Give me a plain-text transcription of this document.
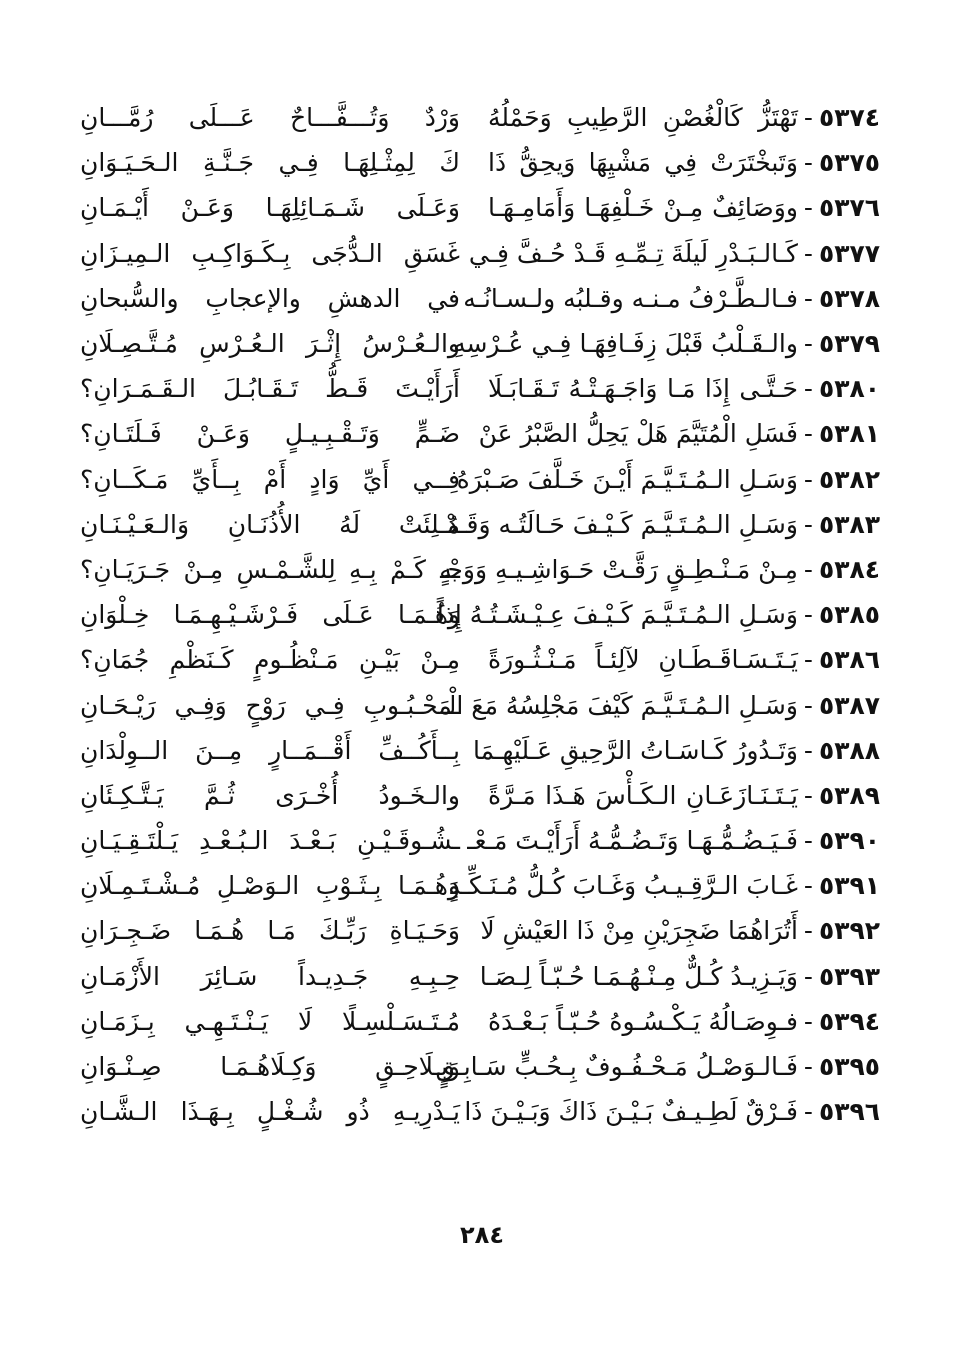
٥٣٧٤-تَهْتَزُّ كَالْغُصْنِ الرَّطِيبِ وَحَمْلُهُ
وَرْدٌ وَتُـــفَّـــاحٌ عَـــلَى رُمَّـــانِ
٥٣٧٥-وَتَبخْتَرَتْ فِي مَشْيِهَا وَيحِقُّ ذَا
كَ لِمِثْـلِهَـا فِـي جَـنَّـةِ الـحَـيَـوَانِ
٥٣٧٦-ووَصَائِفٌ مِـنْ خَـلْفِهَـا وَأَمَامِـهَـا
وَعَـلَى شَـمَـائِلِهَـا وَعَـنْ أَيْـمَـانِ
٥٣٧٧-كَـالـبَـدْرِ لَيلَةَ تِـمِّـهِ قَـدْ حُـفَّ فِـي
غَسَقِ الـدُّجَى بِـكَـوَاكِـبِ الـمِيـزَانِ
٥٣٧٨-فـالـطَّـرْفُ مـنـه وقـلبُه ولـسـانُـه
في الدهشِ والإعجابِ والسُّبحانِ
٥٣٧٩-والـقَـلْبُ قَبْلَ زِفَـافِهَـا فِـي عُـرْسِهِ
والـعُـرْسُ إِثْـرَ الـعُـرْسِ مُـتَّـصِـلَانِ
٥٣٨٠-حَـتَّـى إِذَا مَـا وَاجَـهَـتْـهُ تَـقَـابَـلَا
أَرَأَيْـتَ قَـطُّ تَـقَـابُـلَ الـقَـمَـرَانِ؟
٥٣٨١-فَسَلِ الْمُتَيَّمَ هَلْ يَحِلُّ الصَّبْرُ عَنْ
ضَـمٍّ وَتَـقْـبِـيـلٍ وَعَـنْ فَـلَتَـانِ؟
٥٣٨٢-وَسَـلِ الـمُـتَـيَّـمَ أَيْـنَ خَـلَّفَ صَـبْرَهُ
فِــي أَيِّ وَادٍ أَمْ بِــأَيِّ مَـكَــانِ؟
٥٣٨٣-وَسَـلِ الـمُـتَـيَّـمَ كَـيْـفَ حَـالَتُـه وَقَـدْ
مُـلِئَتْ لَهُ الأُذُنَـانِ وَالـعَـيْـنَـانِ
٥٣٨٤-مِـنْ مَـنْـطِـقٍ رَقَّـتْ حَـوَاشِـيـهِ وَوَجْـ
ـهٍ كَـمْ بِـهِ لِلشَّـمْـسِ مِـنْ جَـرَيَـانِ؟
٥٣٨٥-وَسَـلِ الـمُـتَـيَّـمَ كَـيْـفَ عِـيْـشَـتُـهُ إِذاً
وَهُـمَـا عَـلَى فَـرْشَـيْـهِـمَـا خِـلْوَانِ
٥٣٨٦-يَـتَـسَـاقَـطَـانِ لآلِئـاً مَـنْـثُـورَةً
مِـنْ بَيْـنِ مَـنْظُـومٍ كَـنَظْمِ جُمَانِ؟
٥٣٨٧-وَسَـلِ الـمُـتَـيَّـمَ كَيْفَ مَجْلِسُهُ مَعَ الْـ
ـمَحْـبُـوبِ فِـي رَوْحٍ وَفِـي رَيْـحَـانِ
٥٣٨٨-وَتَـدُورُ كَـاسَـاتُ الرَّحِيقِ عَـلَيْهِـمَا
بِــأَكُــفِّ أَقْــمَــارٍ مِــنَ الــوِلْدَانِ
٥٣٨٩-يَـتَـنَـازَعَـانِ الـكَـأْسَ هَـذَا مَـرَّةً
والـخَـودُ أُخْـرَى ثُـمَّ يَـتَّـكِـئَانِ
٥٣٩٠-فَـيَـضُـمُّـهَـا وَتَـضُـمُّـهُ أَرَأَيْـتَ مَـعْـ
ـشُـوقَـيْـنِ بَـعْـدَ الـبُـعْـدِ يَـلْتَـقِـيَـانِ
٥٣٩١-غَـابَ الـرَّقِـيـبُ وَغَـابَ كُـلُّ مُـنَـكِّـدٍ
وَهُـمَـا بِـثَـوْبِ الـوَصْـلِ مُـشْـتَـمِـلَانِ
٥٣٩٢-أَتُرَاهُمَا ضَجِرَيْنِ مِنْ ذَا العَيْشِ لَا
وَحَـيَـاةِ رَبِّـكَ مَـا هُـمَـا ضَـجِـرَانِ
٥٣٩٣-وَيَـزِيـدُ كُـلٌّ مِـنْـهُـمَـا حُـبّـاً لِـصَـا
حِـبِـهِ جَـدِيـداً سَـائِرَ الأَزْمَـانِ
٥٣٩٤-فـوِصَـالُهُ يَـكْـسُـوهُ حُـبّـاً بَـعْـدَهُ
مُـتَـسَـلْسِـلًا لَا يَـنْـتَـهِـي بِـزَمَـانِ
٥٣٩٥-فَـالـوَصْـلُ مَـحْـفُـوفٌ بِـحُـبٍّ سَـابِـقٍ
وَبِـلَاحِـقٍ وَكِـلَاهُـمَـا صِـنْـوَانِ
٥٣٩٦-فَـرْقٌ لَطِـيـفٌ بَـيْـنَ ذَاكَ وَبَـيْـنَ ذَا
يَـدْرِيـهِ ذُو شُـغْـلٍ بِـهَـذَا الـشَّـانِ
٢٨٤
